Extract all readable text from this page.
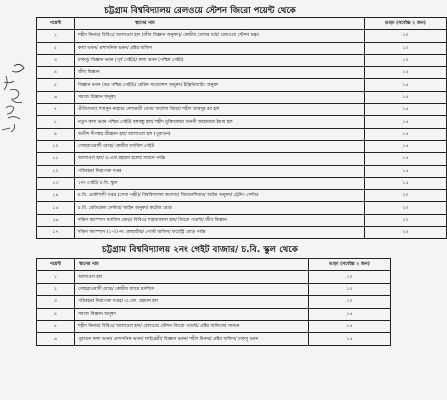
চট্টগ্রাম বিশ্ববিদ্যালয় রেলওয়ে স্টেশন জিরো পয়েন্ট থেকে
পয়েন্ট	স্থানের নাম	ভাড়া (সর্বোচ্চ ২ জন)
১	শহীদ মিনার/ বিবিএ/ আলাওল হল (জীব বিজ্ঞান অনুষদ)/ কেন্দ্রীয় খেলার মাঠ/ রেলওয়ে স্টেশন চত্বর	১০
২	কলা ভবন/ প্রশাসনিক ভবন/ প্রক্টর অফিস	১০
৩	চাকসু/ বিজ্ঞান ভবন (পূর্ব গেইট)/ কলা ভবন (পশ্চিম গেইট)	১০
৪	জীব বিজ্ঞান	১৫
৫	বিজ্ঞান ভবন (বড় পশ্চিম গেইট)/ মেরিন সায়েন্সেস অনুষদ/ ইঞ্জিনিয়ারিং অনুষদ	১৫
৬	সমাজ বিজ্ঞান অনুষদ	১৫
৭	প্রীতিলতা/ শামসুন নাহার/ দেশনেত্রী বেগম খালেদা জিয়া/ শহীদ আবদুর রব হল	১৫
৮	নতুন কলা ভবন পশ্চিম গেইট/ বঙ্গবন্ধু হল/ শহীদ মুক্তিযোদ্ধা জননী জাহানারা ইমাম হল	১৫
৯	অতীশ দীপঙ্কর শ্রীজ্ঞান হল/ আলাওল হল (পুরাতন)	১৫
১০	সোহরাওয়ার্দী মোড়/ কেন্দ্রীয় মসজিদ গেইট	১৫
১১	আলাওল হল/ এ.এফ.রহমান হলের সামনে পর্যন্ত	১৫
১২	পরিবহন/ নিরাপত্তা দপ্তর	১৫
১৩	২নং গেইট/ চ.বি. স্কুল	১৫
১৪	চ.বি. প্রকৌশলী দপ্তর (সেবা পল্লী)/ বিশ্ববিদ্যালয় কলেজ/ জিমনেশিয়াম/ আইন অনুষদ/ ট্রেনিং সেন্টার	২০
১৫	চ.বি. মেডিকেল সেন্টার/ আইন অনুষদ/ কটেজ মোড়	২০
১৬	দক্ষিণ ক্যাম্পাস মসজিদ মোড়/ বিবিএ/ শাহজালাল হল/ জিরো পয়েন্ট/ জীব বিজ্ঞান	২০
১৭	দক্ষিণ ক্যাম্পাস (১-৩) নং কোয়ার্টার/ পোস্ট অফিস/ ফরেস্ট্রি মোড় পর্যন্ত	২৫
চট্টগ্রাম বিশ্ববিদ্যালয় ২নং গেইট বাজার/ চ.বি. স্কুল থেকে
পয়েন্ট	স্থানের নাম	ভাড়া (সর্বোচ্চ ২ জন)
১	আলাওল হল	১০
২	সোহরাওয়ার্দী মোড়/ কেন্দ্রীয় জামে মসজিদ	১০
৩	পরিবহন/ নিরাপত্তা দপ্তর/ এ.এফ. রহমান হল	১০
৪	সমাজ বিজ্ঞান অনুষদ	১৫
৫	শহীদ মিনার/ বিবিএ/ আলাওল হল/ রেলওয়ে স্টেশন জিরো পয়েন্ট/ প্রক্টর অফিসের সামনে	১৫
৬	পুরাতন কলা ভবন/ প্রশাসনিক ভবন/ লাইব্রেরী/ বিজ্ঞান ভবন/ শহীদ মিনার/ প্রক্টর অফিস/ চাকসু ভবন	১৫
